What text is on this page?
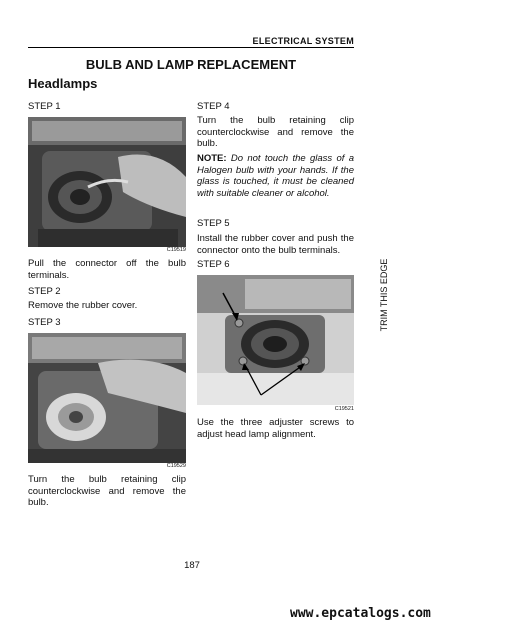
ELECTRICAL SYSTEM
BULB AND LAMP REPLACEMENT
Headlamps
STEP 1
C19519
Pull the connector off the bulb terminals.
STEP 2
Remove the rubber cover.
STEP 3
C19529
Turn the bulb retaining clip counterclockwise and remove the bulb.
STEP 4
Turn the bulb retaining clip counterclockwise and remove the bulb.
NOTE: Do not touch the glass of a Halogen bulb with your hands. If the glass is touched, it must be cleaned with suitable cleaner or alcohol.
STEP 5
Install the rubber cover and push the connector onto the bulb terminals.
STEP 6
C19521
Use the three adjuster screws to adjust head lamp alignment.
TRIM THIS EDGE
187
www.epcatalogs.com
